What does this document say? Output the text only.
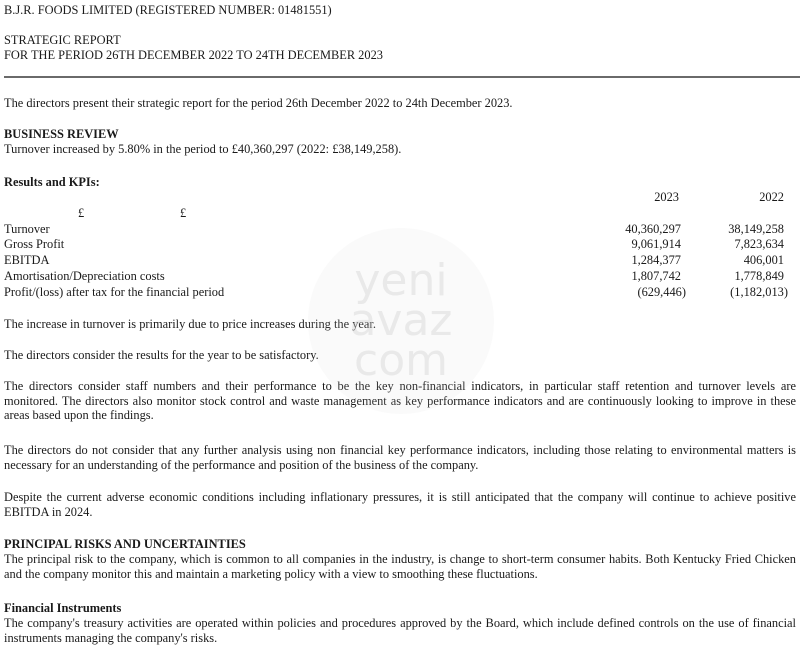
B.J.R. FOODS LIMITED (REGISTERED NUMBER: 01481551)
STRATEGIC REPORT
FOR THE PERIOD 26TH DECEMBER 2022 TO 24TH DECEMBER 2023
The directors present their strategic report for the period 26th December 2022 to 24th December 2023.
BUSINESS REVIEW
Turnover increased by 5.80% in the period to £40,360,297 (2022: £38,149,258).
Results and KPIs:
2023	2022
£	£
Turnover	40,360,297	38,149,258
Gross Profit	9,061,914	7,823,634
EBITDA	1,284,377	406,001
Amortisation/Depreciation costs	1,807,742	1,778,849
Profit/(loss) after tax for the financial period	(629,446)	(1,182,013)
The increase in turnover is primarily due to price increases during the year.
The directors consider the results for the year to be satisfactory.
The directors consider staff numbers and their performance to be the key non-financial indicators, in particular staff retention and turnover levels are monitored. The directors also monitor stock control and waste management as key performance indicators and are continuously looking to improve in these areas based upon the findings.
The directors do not consider that any further analysis using non financial key performance indicators, including those relating to environmental matters is necessary for an understanding of the performance and position of the business of the company.
Despite the current adverse economic conditions including inflationary pressures, it is still anticipated that the company will continue to achieve positive EBITDA in 2024.
PRINCIPAL RISKS AND UNCERTAINTIES
The principal risk to the company, which is common to all companies in the industry, is change to short-term consumer habits. Both Kentucky Fried Chicken and the company monitor this and maintain a marketing policy with a view to smoothing these fluctuations.
Financial Instruments
The company's treasury activities are operated within policies and procedures approved by the Board, which include defined controls on the use of financial instruments managing the company's risks.
yeni
avaz
com
